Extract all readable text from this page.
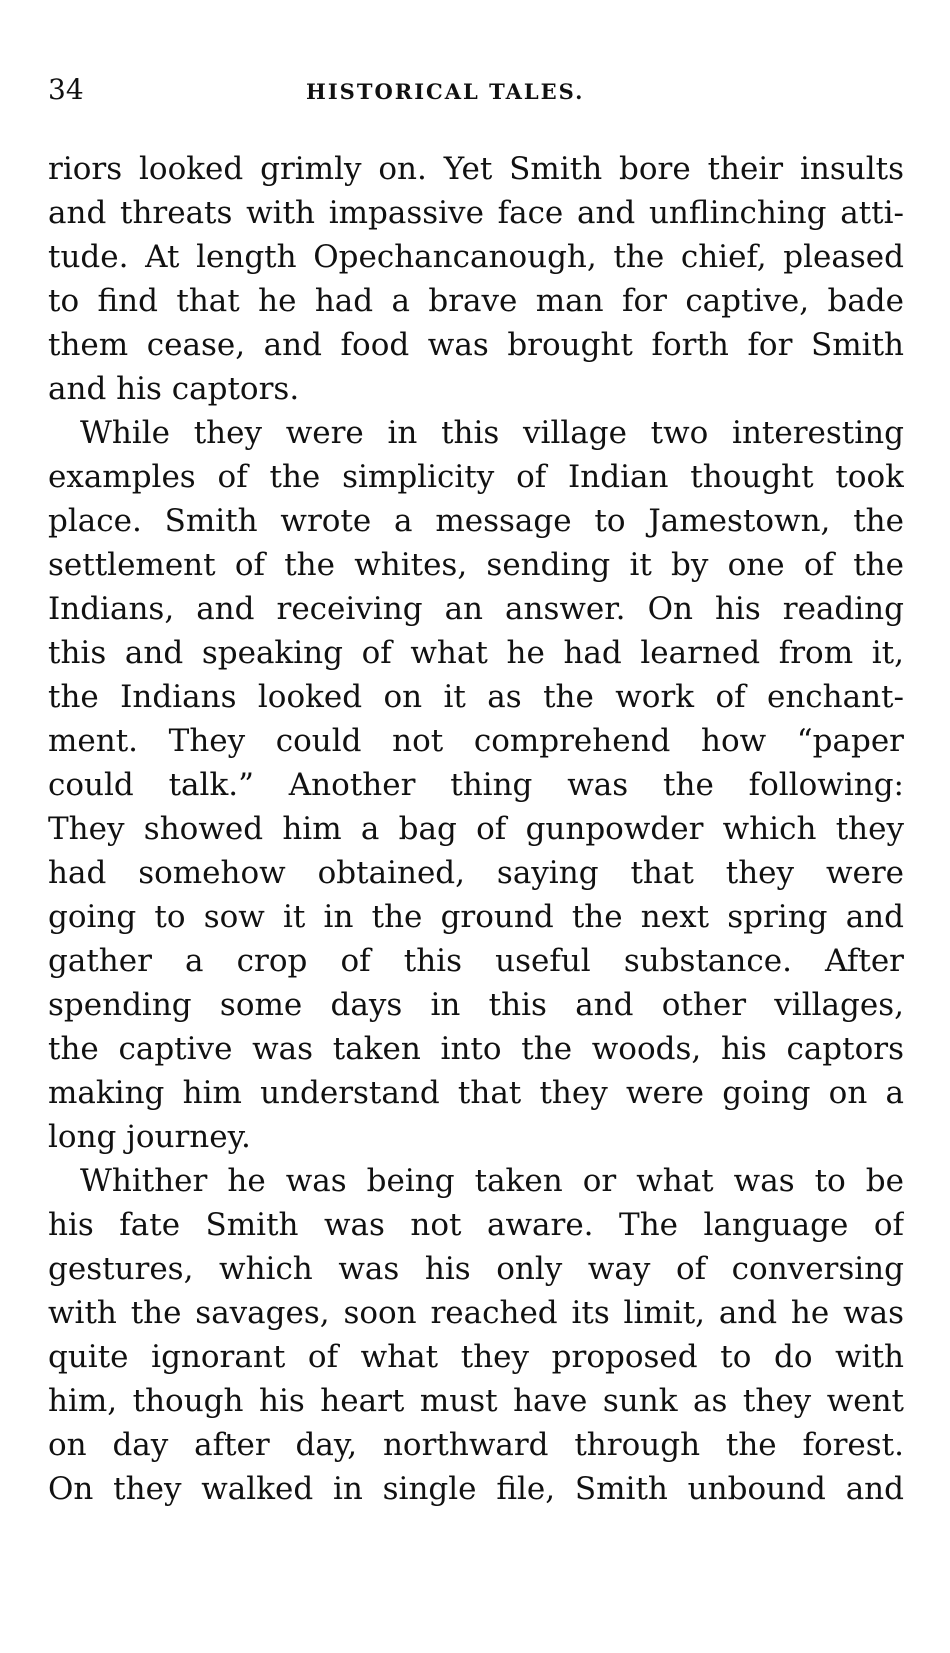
34	HISTORICAL TALES.
riors looked grimly on. Yet Smith bore their insults
and threats with impassive face and unflinching atti-
tude. At length Opechancanough, the chief, pleased
to find that he had a brave man for captive, bade
them cease, and food was brought forth for Smith
and his captors.
While they were in this village two interesting
examples of the simplicity of Indian thought took
place. Smith wrote a message to Jamestown, the
settlement of the whites, sending it by one of the
Indians, and receiving an answer. On his reading
this and speaking of what he had learned from it,
the Indians looked on it as the work of enchant-
ment. They could not comprehend how “paper
could talk.” Another thing was the following:
They showed him a bag of gunpowder which they
had somehow obtained, saying that they were
going to sow it in the ground the next spring and
gather a crop of this useful substance. After
spending some days in this and other villages,
the captive was taken into the woods, his captors
making him understand that they were going on a
long journey.
Whither he was being taken or what was to be
his fate Smith was not aware. The language of
gestures, which was his only way of conversing
with the savages, soon reached its limit, and he was
quite ignorant of what they proposed to do with
him, though his heart must have sunk as they went
on day after day, northward through the forest.
On they walked in single file, Smith unbound and
